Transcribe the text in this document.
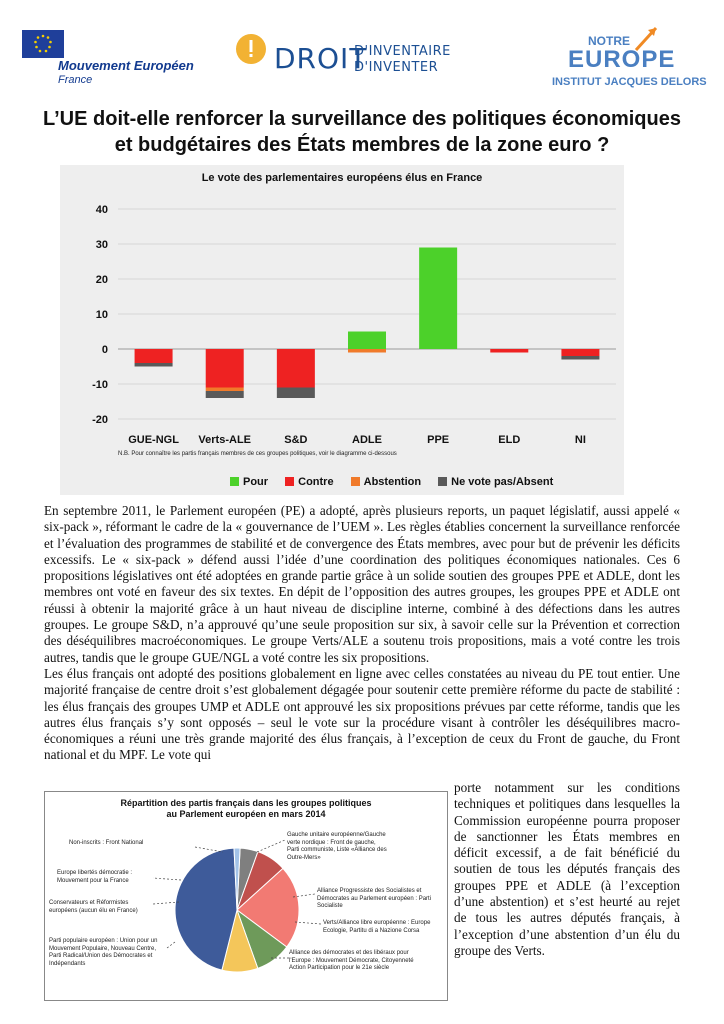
Mouvement Européen
France
DROIT
D'INVENTAIRE
D'INVENTER
NOTRE
EUROPE
INSTITUT JACQUES DELORS
L’UE doit-elle renforcer la surveillance des politiques économiques et budgétaires des États membres de la zone euro ?
Le vote des parlementaires européens élus en France
40
30
20
10
0
-10
-20
GUE-NGL Verts-ALE	S&D	ADLE	PPE	ELD	NI
N.B. Pour connaître les partis français membres de ces groupes politiques, voir le diagramme ci-dessous
Pour	Contre	Abstention	Ne vote pas/Absent

En septembre 2011, le Parlement européen (PE) a adopté, après plusieurs reports, un paquet législatif, aussi appelé « six-pack », réformant le cadre de la « gouvernance de l’UEM ». Les règles établies concernent la surveillance renforcée et l’évaluation des programmes de stabilité et de convergence des États membres, avec pour but de prévenir les déficits excessifs. Le « six-pack » défend aussi l’idée d’une coordination des politiques économiques nationales. Ces 6 propositions législatives ont été adoptées en grande partie grâce à un solide soutien des groupes PPE et ADLE, dont les membres ont voté en faveur des six textes. En dépit de l’opposition des autres groupes, les groupes PPE et ADLE ont réussi à obtenir la majorité grâce à un haut niveau de discipline interne, combiné à des défections dans les autres groupes. Le groupe S&D, n’a approuvé qu’une seule proposition sur six, à savoir celle sur la Prévention et correction des déséquilibres macroéconomiques. Le groupe Verts/ALE a soutenu trois propositions, mais a voté contre les trois autres, tandis que le groupe GUE/NGL a voté contre les six propositions.

Les élus français ont adopté des positions globalement en ligne avec celles constatées au niveau du PE tout entier. Une majorité française de centre droit s’est globalement dégagée pour soutenir cette première réforme du pacte de stabilité : les élus français des groupes UMP et ADLE ont approuvé les six propositions prévues par cette réforme, tandis que les autres élus français s’y sont opposés – seul le vote sur la procédure visant à contrôler les déséquilibres macro-économiques a réuni une très grande majorité des élus français, à l’exception de ceux du Front de gauche, du Front national et du MPF. Le vote qui

porte notamment sur les conditions techniques et politiques dans lesquelles la Commission européenne pourra proposer de sanctionner les États membres en déficit excessif, a de fait bénéficié du soutien de tous les députés français des groupes PPE et ADLE (à l’exception d’une abstention) et s’est heurté au rejet de tous les autres députés français, à l’exception d’une abstention d’un élu du groupe des Verts.

Répartition des partis français dans les groupes politiques
au Parlement européen en mars 2014
Non-inscrits : Front National
Gauche unitaire européenne/Gauche verte nordique : Front de gauche, Parti communiste, Liste «Alliance des Outre-Mers»
Alliance Progressiste des Socialistes et Démocrates au Parlement européen : Parti Socialiste
Verts/Alliance libre européenne : Europe Ecologie, Partitu di a Nazione Corsa
Alliance des démocrates et des libéraux pour l'Europe : Mouvement Démocrate, Citoyenneté Action Participation pour le 21e siècle
Parti populaire européen : Union pour un Mouvement Populaire, Nouveau Centre, Parti Radical/Union des Démocrates et Indépendants
Conservateurs et Réformistes européens (aucun élu en France)
Europe libertés démocratie : Mouvement pour la France
